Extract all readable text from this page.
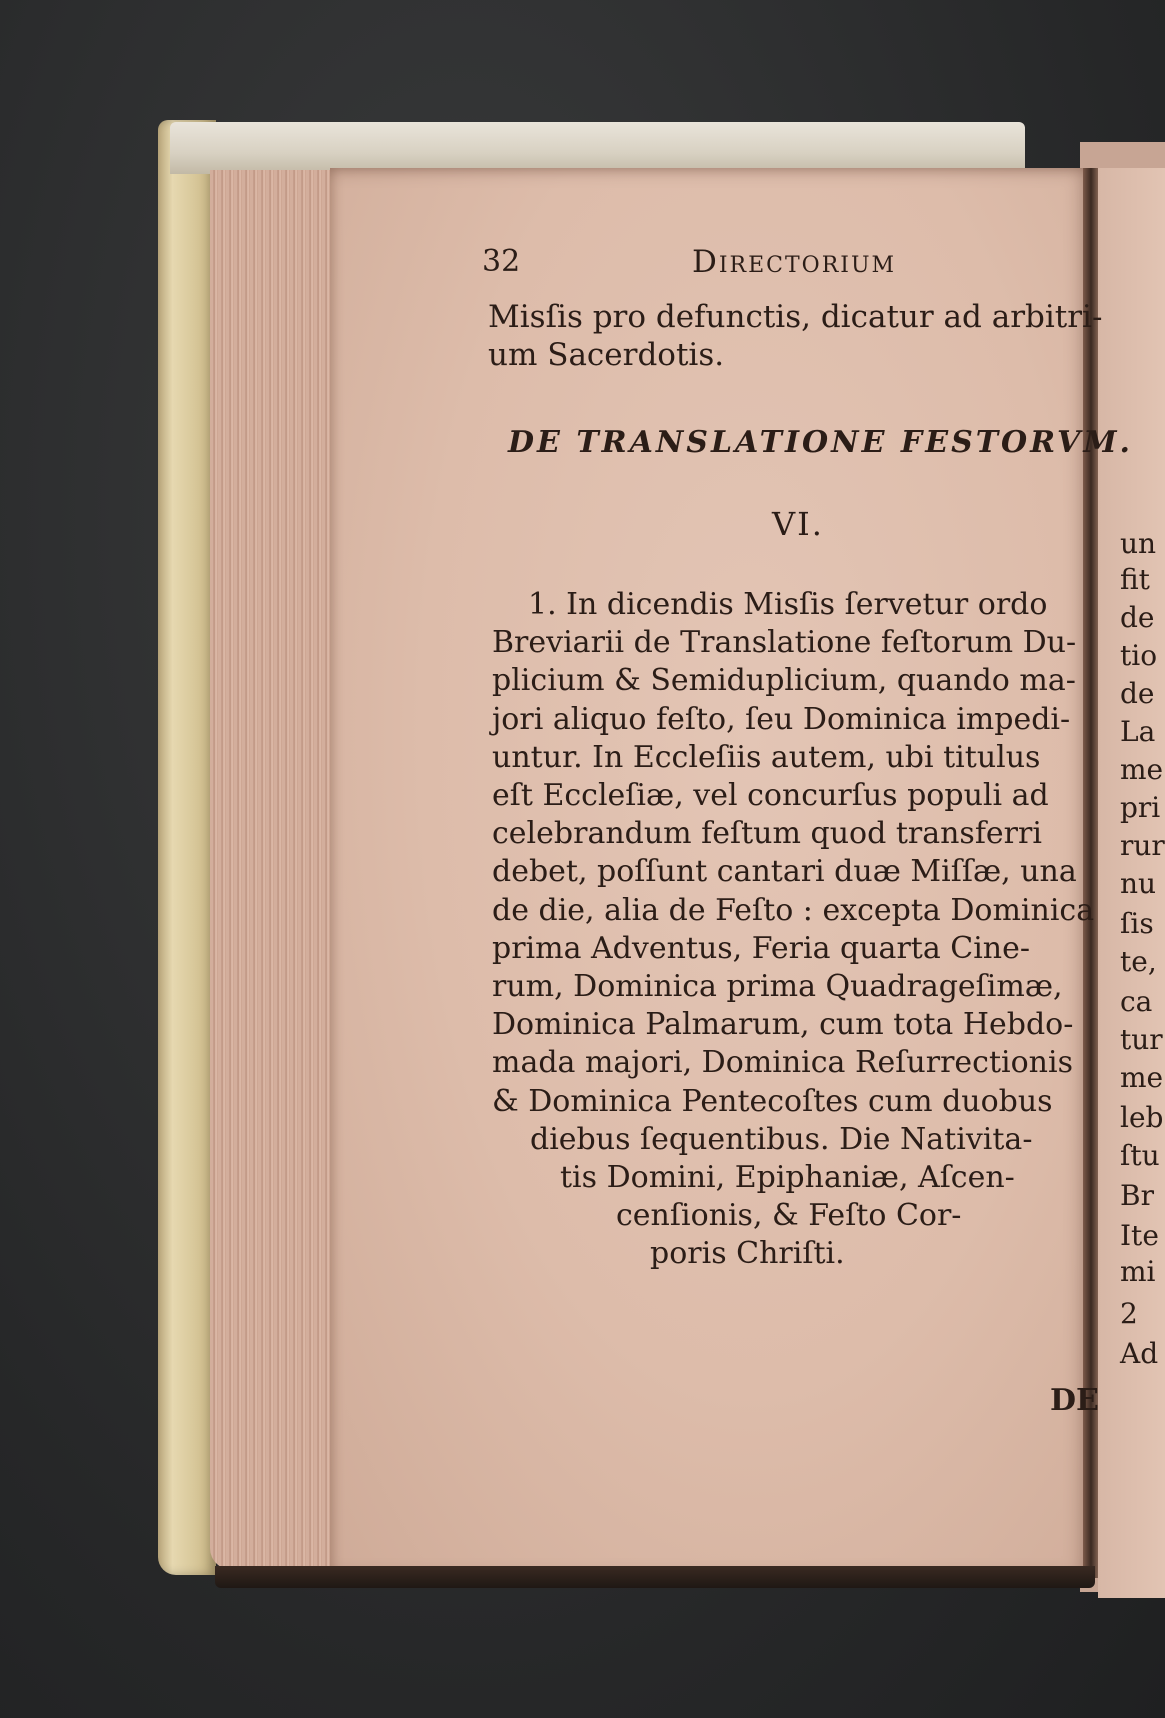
un
fit
de
tio
de
La
me
pri
rur
nu
ſis
te,
ca
tur
me
leb
ſtu
Br
Ite
mi
2
Ad
32	Directorium
Misſis pro defunctis, dicatur ad arbitri-
um Sacerdotis.
DE TRANSLATIONE FESTORVM.
VI.
1. In dicendis Misſis ſervetur ordo
Breviarii de Translatione feſtorum Du-
plicium & Semiduplicium, quando ma-
jori aliquo feſto, ſeu Dominica impedi-
untur. In Eccleſiis autem, ubi titulus
eſt Eccleſiæ, vel concurſus populi ad
celebrandum feſtum quod transferri
debet, poſſunt cantari duæ Miſſæ, una
de die, alia de Feſto : excepta Dominica
prima Adventus, Feria quarta Cine-
rum, Dominica prima Quadrageſimæ,
Dominica Palmarum, cum tota Hebdo-
mada majori, Dominica Reſurrectionis
& Dominica Pentecoſtes cum duobus
diebus ſequentibus. Die Nativita-
tis Domini, Epiphaniæ, Aſcen-
cenſionis, & Feſto Cor-
poris Chriſti.
DE
